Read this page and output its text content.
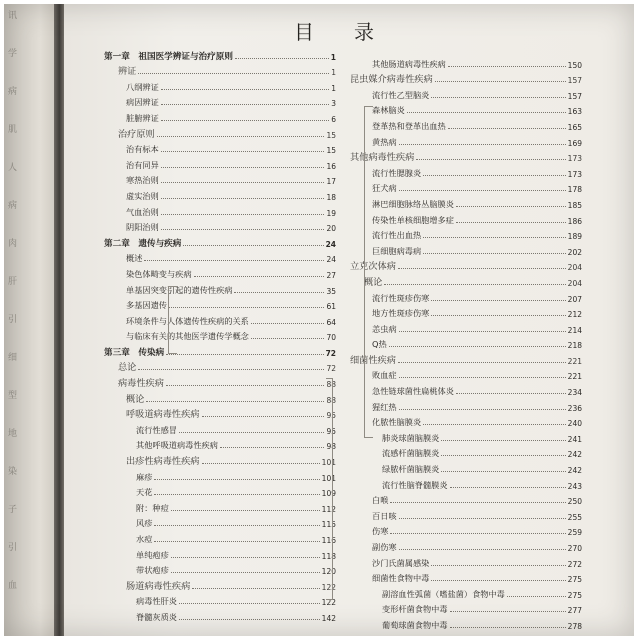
目录
第一章　祖国医学辨证与治疗原则	1
辨证	1
八纲辨证	1
病因辨证	3
脏腑辨证	6
治疗原则	15
治有标本	15
治有同异	16
寒热治则	17
虚实治则	18
气血治则	19
阴阳治则	20
第二章　遗传与疾病	24
概述	24
染色体畸变与疾病	27
单基因突变引起的遗传性疾病	35
多基因遗传	61
环境条件与人体遗传性疾病的关系	64
与临床有关的其他医学遗传学概念	70
第三章　传染病	72
总论	72
病毒性疾病	88
概论	88
呼吸道病毒性疾病	95
流行性感冒	95
其他呼吸道病毒性疾病	98
出疹性病毒性疾病	101
麻疹	101
天花	109
附：种痘	112
风疹	115
水痘	116
单纯疱疹	118
带状疱疹	120
肠道病毒性疾病	122
病毒性肝炎	122
脊髓灰质炎	142
其他肠道病毒性疾病	150
昆虫媒介病毒性疾病	157
流行性乙型脑炎	157
森林脑炎	163
登革热和登革出血热	165
黄热病	169
其他病毒性疾病	173
流行性腮腺炎	173
狂犬病	178
淋巴细胞脉络丛脑膜炎	185
传染性单核细胞增多症	186
流行性出血热	189
巨细胞病毒病	202
立克次体病	204
概论	204
流行性斑疹伤寒	207
地方性斑疹伤寒	212
恙虫病	214
Q热	218
细菌性疾病	221
败血症	221
急性链球菌性扁桃体炎	234
猩红热	236
化脓性脑膜炎	240
肺炎球菌脑膜炎	241
流感杆菌脑膜炎	242
绿脓杆菌脑膜炎	242
流行性脑脊髓膜炎	243
白喉	250
百日咳	255
伤寒	259
副伤寒	270
沙门氏菌属感染	272
细菌性食物中毒	275
副溶血性弧菌（嗜盐菌）食物中毒	275
变形杆菌食物中毒	277
葡萄球菌食物中毒	278
讯
学
病
肌
人
病
肉
肝
引
细
型
地
染
子
引
血
